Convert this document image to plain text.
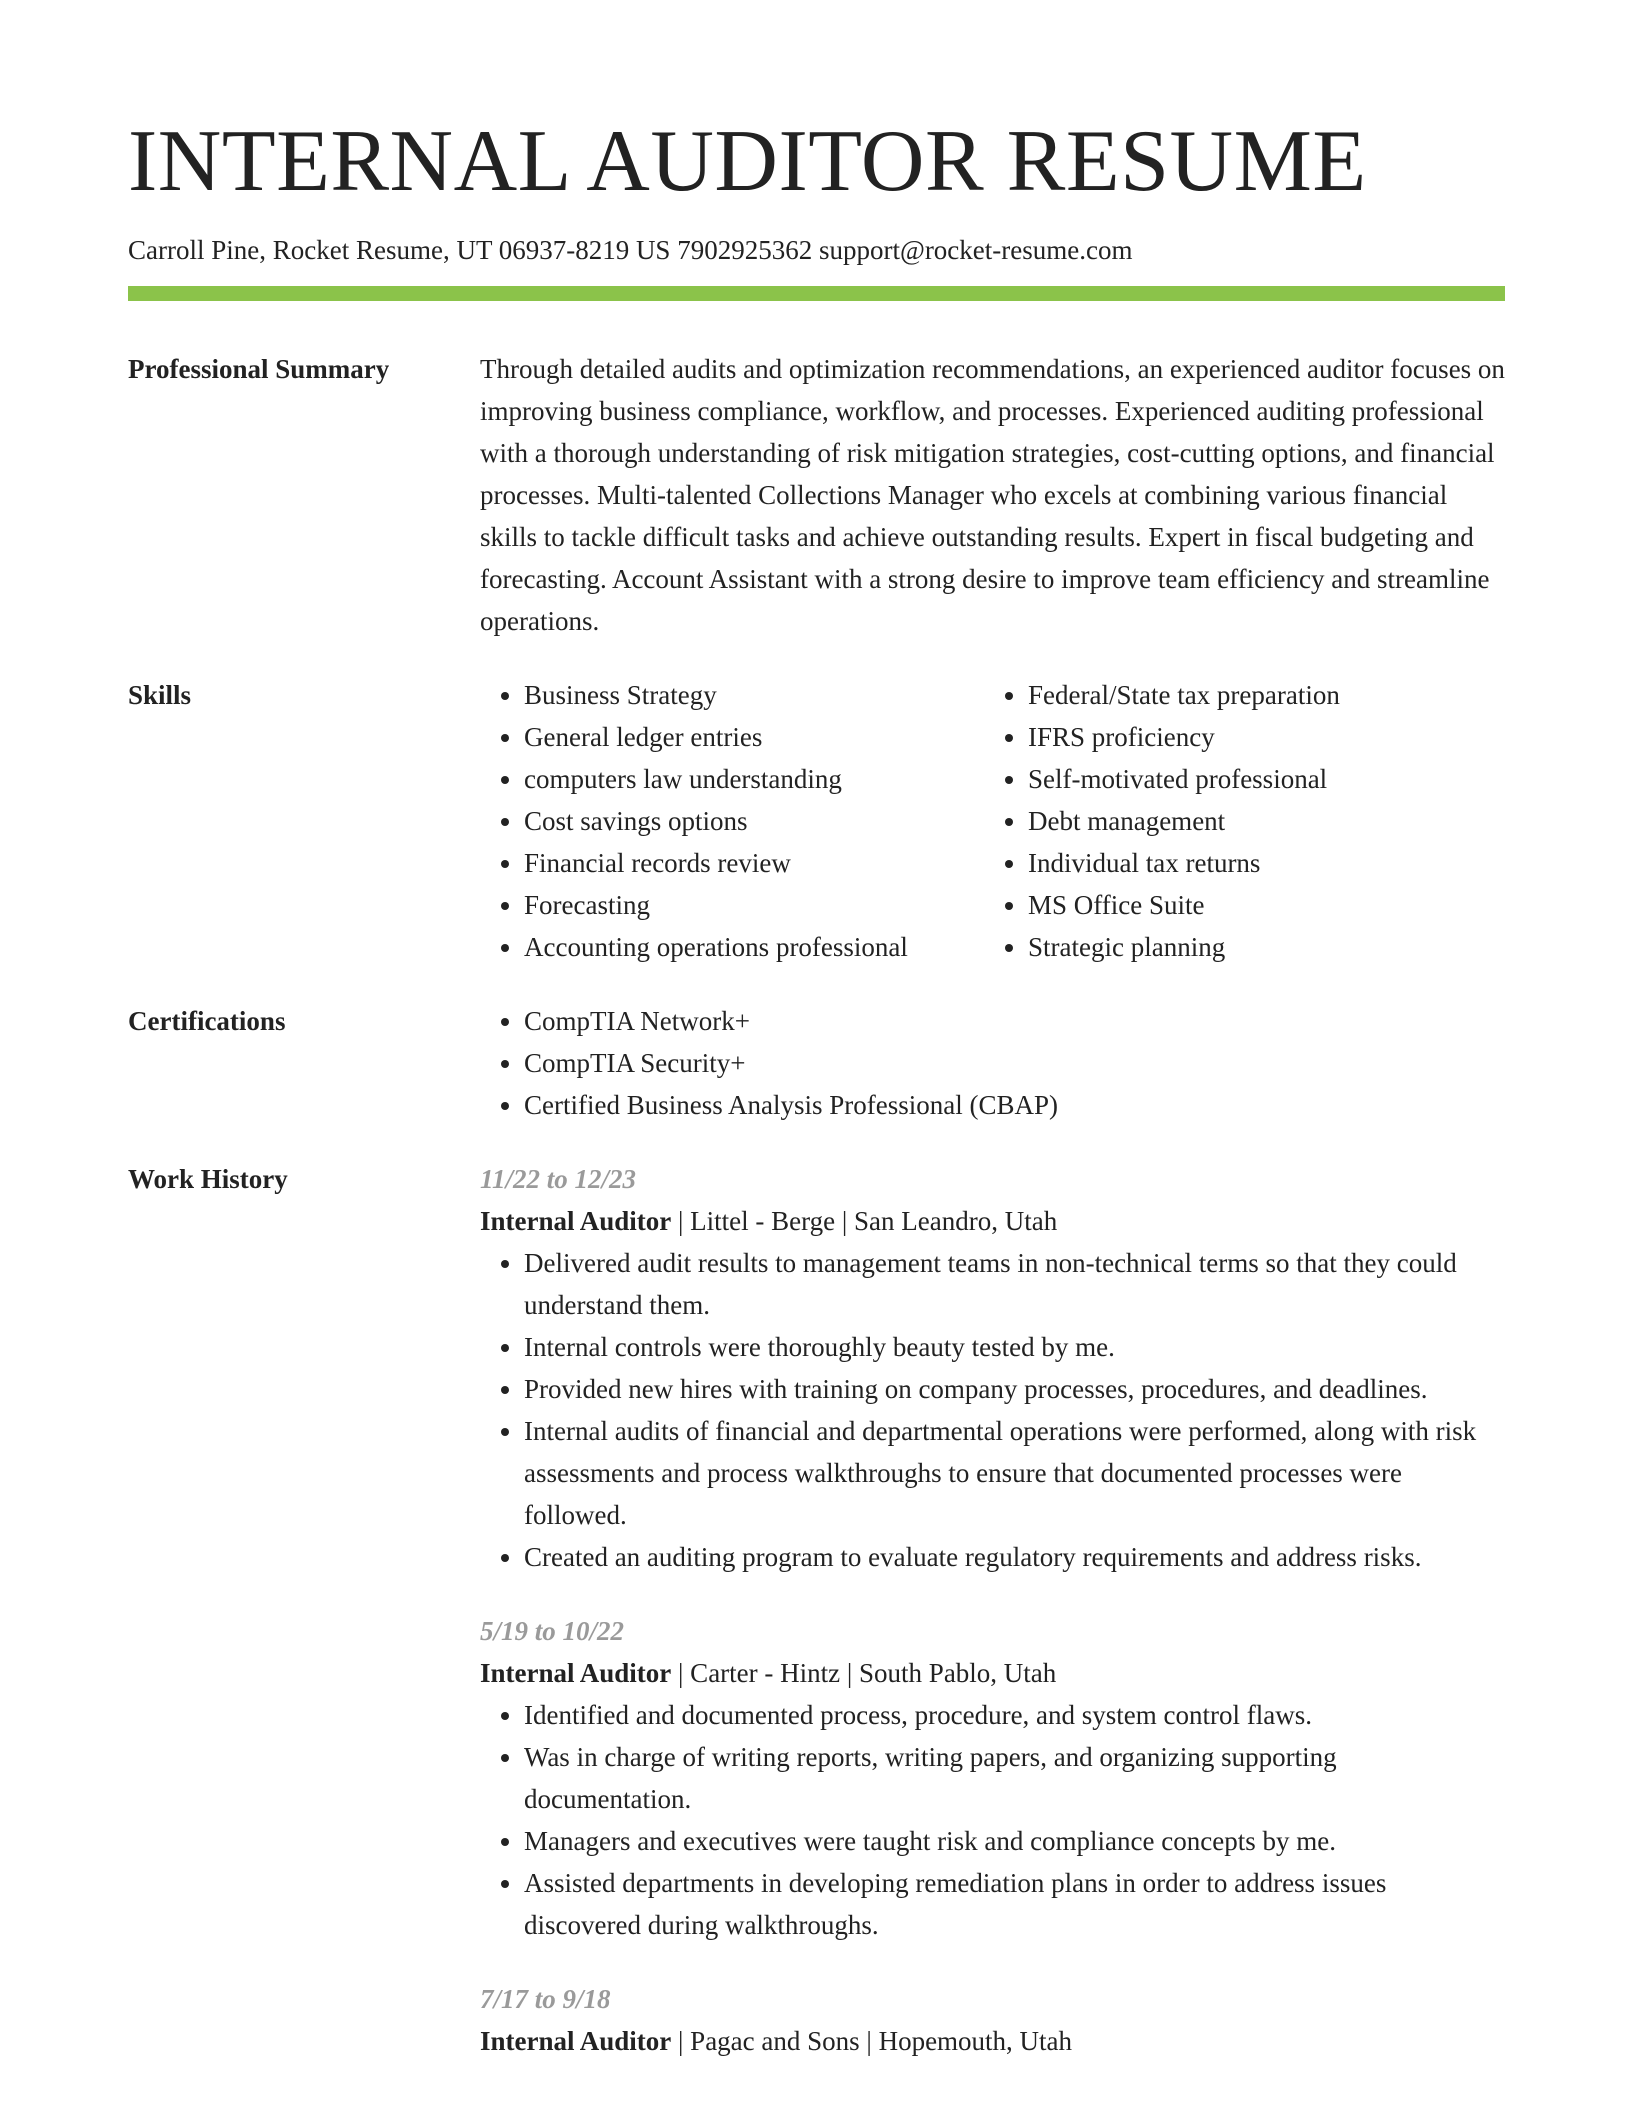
INTERNAL AUDITOR RESUME
Carroll Pine, Rocket Resume, UT 06937-8219 US 7902925362 support@rocket-resume.com
Professional Summary	Through detailed audits and optimization recommendations, an experienced auditor focuses on improving business compliance, workflow, and processes. Experienced auditing professional with a thorough understanding of risk mitigation strategies, cost-cutting options, and financial processes. Multi-talented Collections Manager who excels at combining various financial skills to tackle difficult tasks and achieve outstanding results. Expert in fiscal budgeting and forecasting. Account Assistant with a strong desire to improve team efficiency and streamline operations.

Skills	• Business Strategy
• General ledger entries
• computers law understanding
• Cost savings options
• Financial records review
• Forecasting
• Accounting operations professional
• Federal/State tax preparation
• IFRS proficiency
• Self-motivated professional
• Debt management
• Individual tax returns
• MS Office Suite
• Strategic planning
Certifications	• CompTIA Network+
• CompTIA Security+
• Certified Business Analysis Professional (CBAP)
Work History	11/22 to 12/23
Internal Auditor | Littel - Berge | San Leandro, Utah
• Delivered audit results to management teams in non-technical terms so that they could understand them.
• Internal controls were thoroughly beauty tested by me.
• Provided new hires with training on company processes, procedures, and deadlines.
• Internal audits of financial and departmental operations were performed, along with risk assessments and process walkthroughs to ensure that documented processes were followed.
• Created an auditing program to evaluate regulatory requirements and address risks.
5/19 to 10/22
Internal Auditor | Carter - Hintz | South Pablo, Utah
• Identified and documented process, procedure, and system control flaws.
• Was in charge of writing reports, writing papers, and organizing supporting documentation.
• Managers and executives were taught risk and compliance concepts by me.
• Assisted departments in developing remediation plans in order to address issues discovered during walkthroughs.
7/17 to 9/18
Internal Auditor | Pagac and Sons | Hopemouth, Utah
